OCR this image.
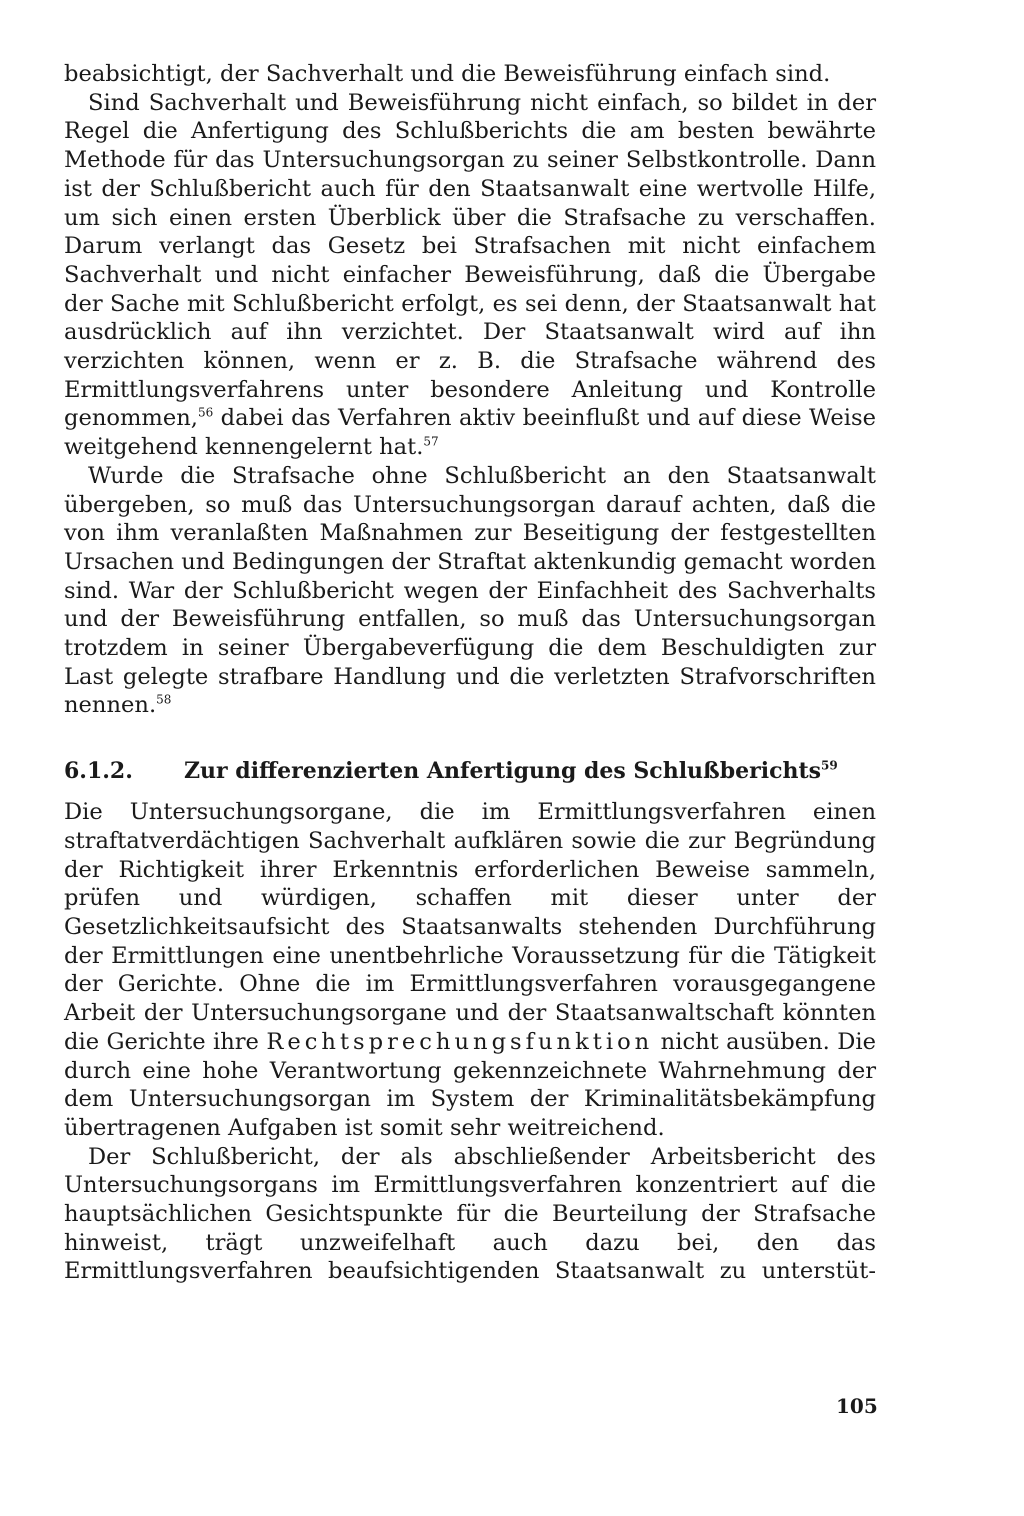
beabsichtigt, der Sachverhalt und die Beweisführung einfach sind.

Sind Sachverhalt und Beweisführung nicht einfach, so bildet in der Regel die Anfertigung des Schlußberichts die am besten bewährte Methode für das Untersuchungsorgan zu seiner Selbstkontrolle. Dann ist der Schlußbericht auch für den Staatsanwalt eine wertvolle Hilfe, um sich einen ersten Überblick über die Strafsache zu verschaffen. Darum verlangt das Gesetz bei Strafsachen mit nicht einfachem Sachverhalt und nicht einfacher Beweisführung, daß die Übergabe der Sache mit Schlußbericht erfolgt, es sei denn, der Staatsanwalt hat ausdrücklich auf ihn verzichtet. Der Staatsanwalt wird auf ihn verzichten können, wenn er z. B. die Strafsache während des Ermittlungsverfahrens unter besondere Anleitung und Kontrolle genommen,$^{56}$ dabei das Verfahren aktiv beeinflußt und auf diese Weise weitgehend kennengelernt hat.$^{57}$

Wurde die Strafsache ohne Schlußbericht an den Staatsanwalt übergeben, so muß das Untersuchungsorgan darauf achten, daß die von ihm veranlaßten Maßnahmen zur Beseitigung der festgestellten Ursachen und Bedingungen der Straftat aktenkundig gemacht worden sind. War der Schlußbericht wegen der Einfachheit des Sachverhalts und der Beweisführung entfallen, so muß das Untersuchungsorgan trotzdem in seiner Übergabeverfügung die dem Beschuldigten zur Last gelegte strafbare Handlung und die verletzten Strafvorschriften nennen.$^{58}$

6.1.2.	Zur differenzierten Anfertigung des Schlußberichts$^{59}$

Die Untersuchungsorgane, die im Ermittlungsverfahren einen straftatverdächtigen Sachverhalt aufklären sowie die zur Begründung der Richtigkeit ihrer Erkenntnis erforderlichen Beweise sammeln, prüfen und würdigen, schaffen mit dieser unter der Gesetzlichkeitsaufsicht des Staatsanwalts stehenden Durchführung der Ermittlungen eine unentbehrliche Voraussetzung für die Tätigkeit der Gerichte. Ohne die im Ermittlungsverfahren vorausgegangene Arbeit der Untersuchungsorgane und der Staatsanwaltschaft könnten die Gerichte ihre Rechtsprechungsfunktion nicht ausüben. Die durch eine hohe Verantwortung gekennzeichnete Wahrnehmung der dem Untersuchungsorgan im System der Kriminalitätsbekämpfung übertragenen Aufgaben ist somit sehr weitreichend.

Der Schlußbericht, der als abschließender Arbeitsbericht des Untersuchungsorgans im Ermittlungsverfahren konzentriert auf die hauptsächlichen Gesichtspunkte für die Beurteilung der Strafsache hinweist, trägt unzweifelhaft auch dazu bei, den das Ermittlungsverfahren beaufsichtigenden Staatsanwalt zu unterstüt-

105
